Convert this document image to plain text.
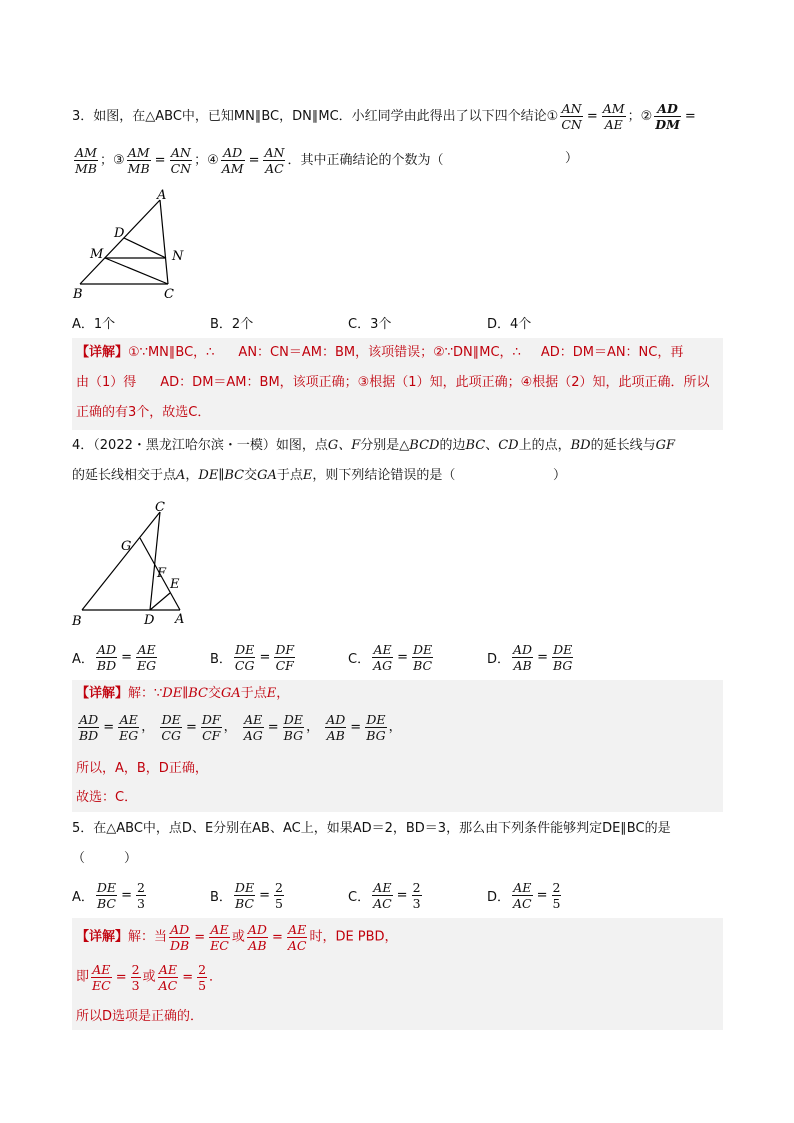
3．如图，在△ABC中，已知MN∥BC，DN∥MC．小红同学由此得出了以下四个结论① $\frac{AN}{CN} = \frac{AM}{AE}$ ；② $\frac{AD}{DM}$ =
$\frac{AM}{MB}$ ；③ $\frac{AM}{MB} = \frac{AN}{CN}$ ；④ $\frac{AD}{AM} = \frac{AN}{AC}$ ．其中正确结论的个数为（	）
A
D
M	N
B	C
A．1个	B．2个	C．3个	D．4个
【详解】①∵MN∥BC，∴ AN：CN＝AM：BM，该项错误；②∵DN∥MC，∴ AD：DM＝AN：NC，再
由（1）得 AD：DM＝AM：BM，该项正确；③根据（1）知，此项正确；④根据（2）知，此项正确．所以
正确的有3个，故选C．
4．（2022・黑龙江哈尔滨・一模）如图，点G、F分别是△BCD的边BC、CD上的点，BD的延长线与GF
的延长线相交于点A，DE∥BC交GA于点E，则下列结论错误的是（	）
C
G
F
E
B	D A
A． $\frac{AD}{BD} = \frac{AE}{EG}$	B． $\frac{DE}{CG} = \frac{DF}{CF}$	C． $\frac{AE}{AG} = \frac{DE}{BC}$	D． $\frac{AD}{AB} = \frac{DE}{BG}$
【详解】解：∵DE∥BC交GA于点E，
$\frac{AD}{BD} = \frac{AE}{EG}$ ， $\frac{DE}{CG} = \frac{DF}{CF}$ ， $\frac{AE}{AG} = \frac{DE}{BG}$ ， $\frac{AD}{AB} = \frac{DE}{BG}$ ，
所以，A，B，D正确，
故选：C．
5．在△ABC中，点D、E分别在AB、AC上，如果AD＝2，BD＝3，那么由下列条件能够判定DE∥BC的是
（　　　）
A． $\frac{DE}{BC} = \frac{2}{3}$	B． $\frac{DE}{BC} = \frac{2}{5}$	C． $\frac{AE}{AC} = \frac{2}{3}$	D． $\frac{AE}{AC} = \frac{2}{5}$
【详解】解：当 $\frac{AD}{DB} = \frac{AE}{EC}$ 或 $\frac{AD}{AB} = \frac{AE}{AC}$ 时，DE PBD，
即 $\frac{AE}{EC} = \frac{2}{3}$ 或 $\frac{AE}{AC} = \frac{2}{5}$ ．
所以D选项是正确的．
